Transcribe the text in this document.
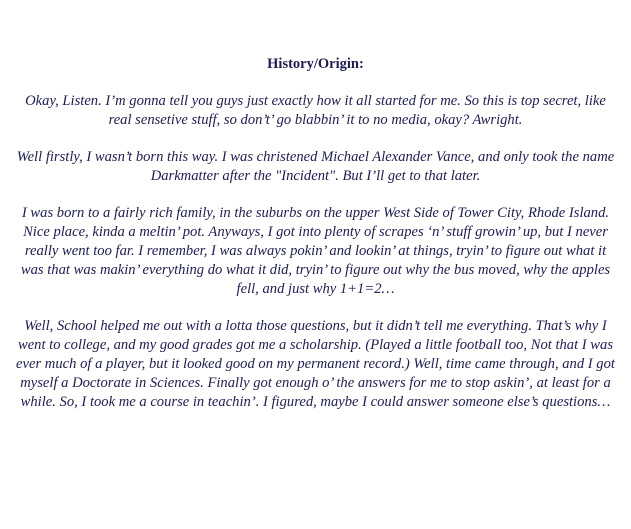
History/Origin:

Okay, Listen. I’m gonna tell you guys just exactly how it all started for me. So this is top secret, like real sensetive stuff, so don’t’ go blabbin’ it to no media, okay? Awright.

Well firstly, I wasn’t born this way. I was christened Michael Alexander Vance, and only took the name Darkmatter after the "Incident". But I’ll get to that later.

I was born to a fairly rich family, in the suburbs on the upper West Side of Tower City, Rhode Island. Nice place, kinda a meltin’ pot. Anyways, I got into plenty of scrapes ‘n’ stuff growin’ up, but I never really went too far. I remember, I was always pokin’ and lookin’ at things, tryin’ to figure out what it was that was makin’ everything do what it did, tryin’ to figure out why the bus moved, why the apples fell, and just why 1+1=2…

Well, School helped me out with a lotta those questions, but it didn’t tell me everything. That’s why I went to college, and my good grades got me a scholarship. (Played a little football too, Not that I was ever much of a player, but it looked good on my permanent record.) Well, time came through, and I got myself a Doctorate in Sciences. Finally got enough o’ the answers for me to stop askin’, at least for a while. So, I took me a course in teachin’. I figured, maybe I could answer someone else’s questions…
